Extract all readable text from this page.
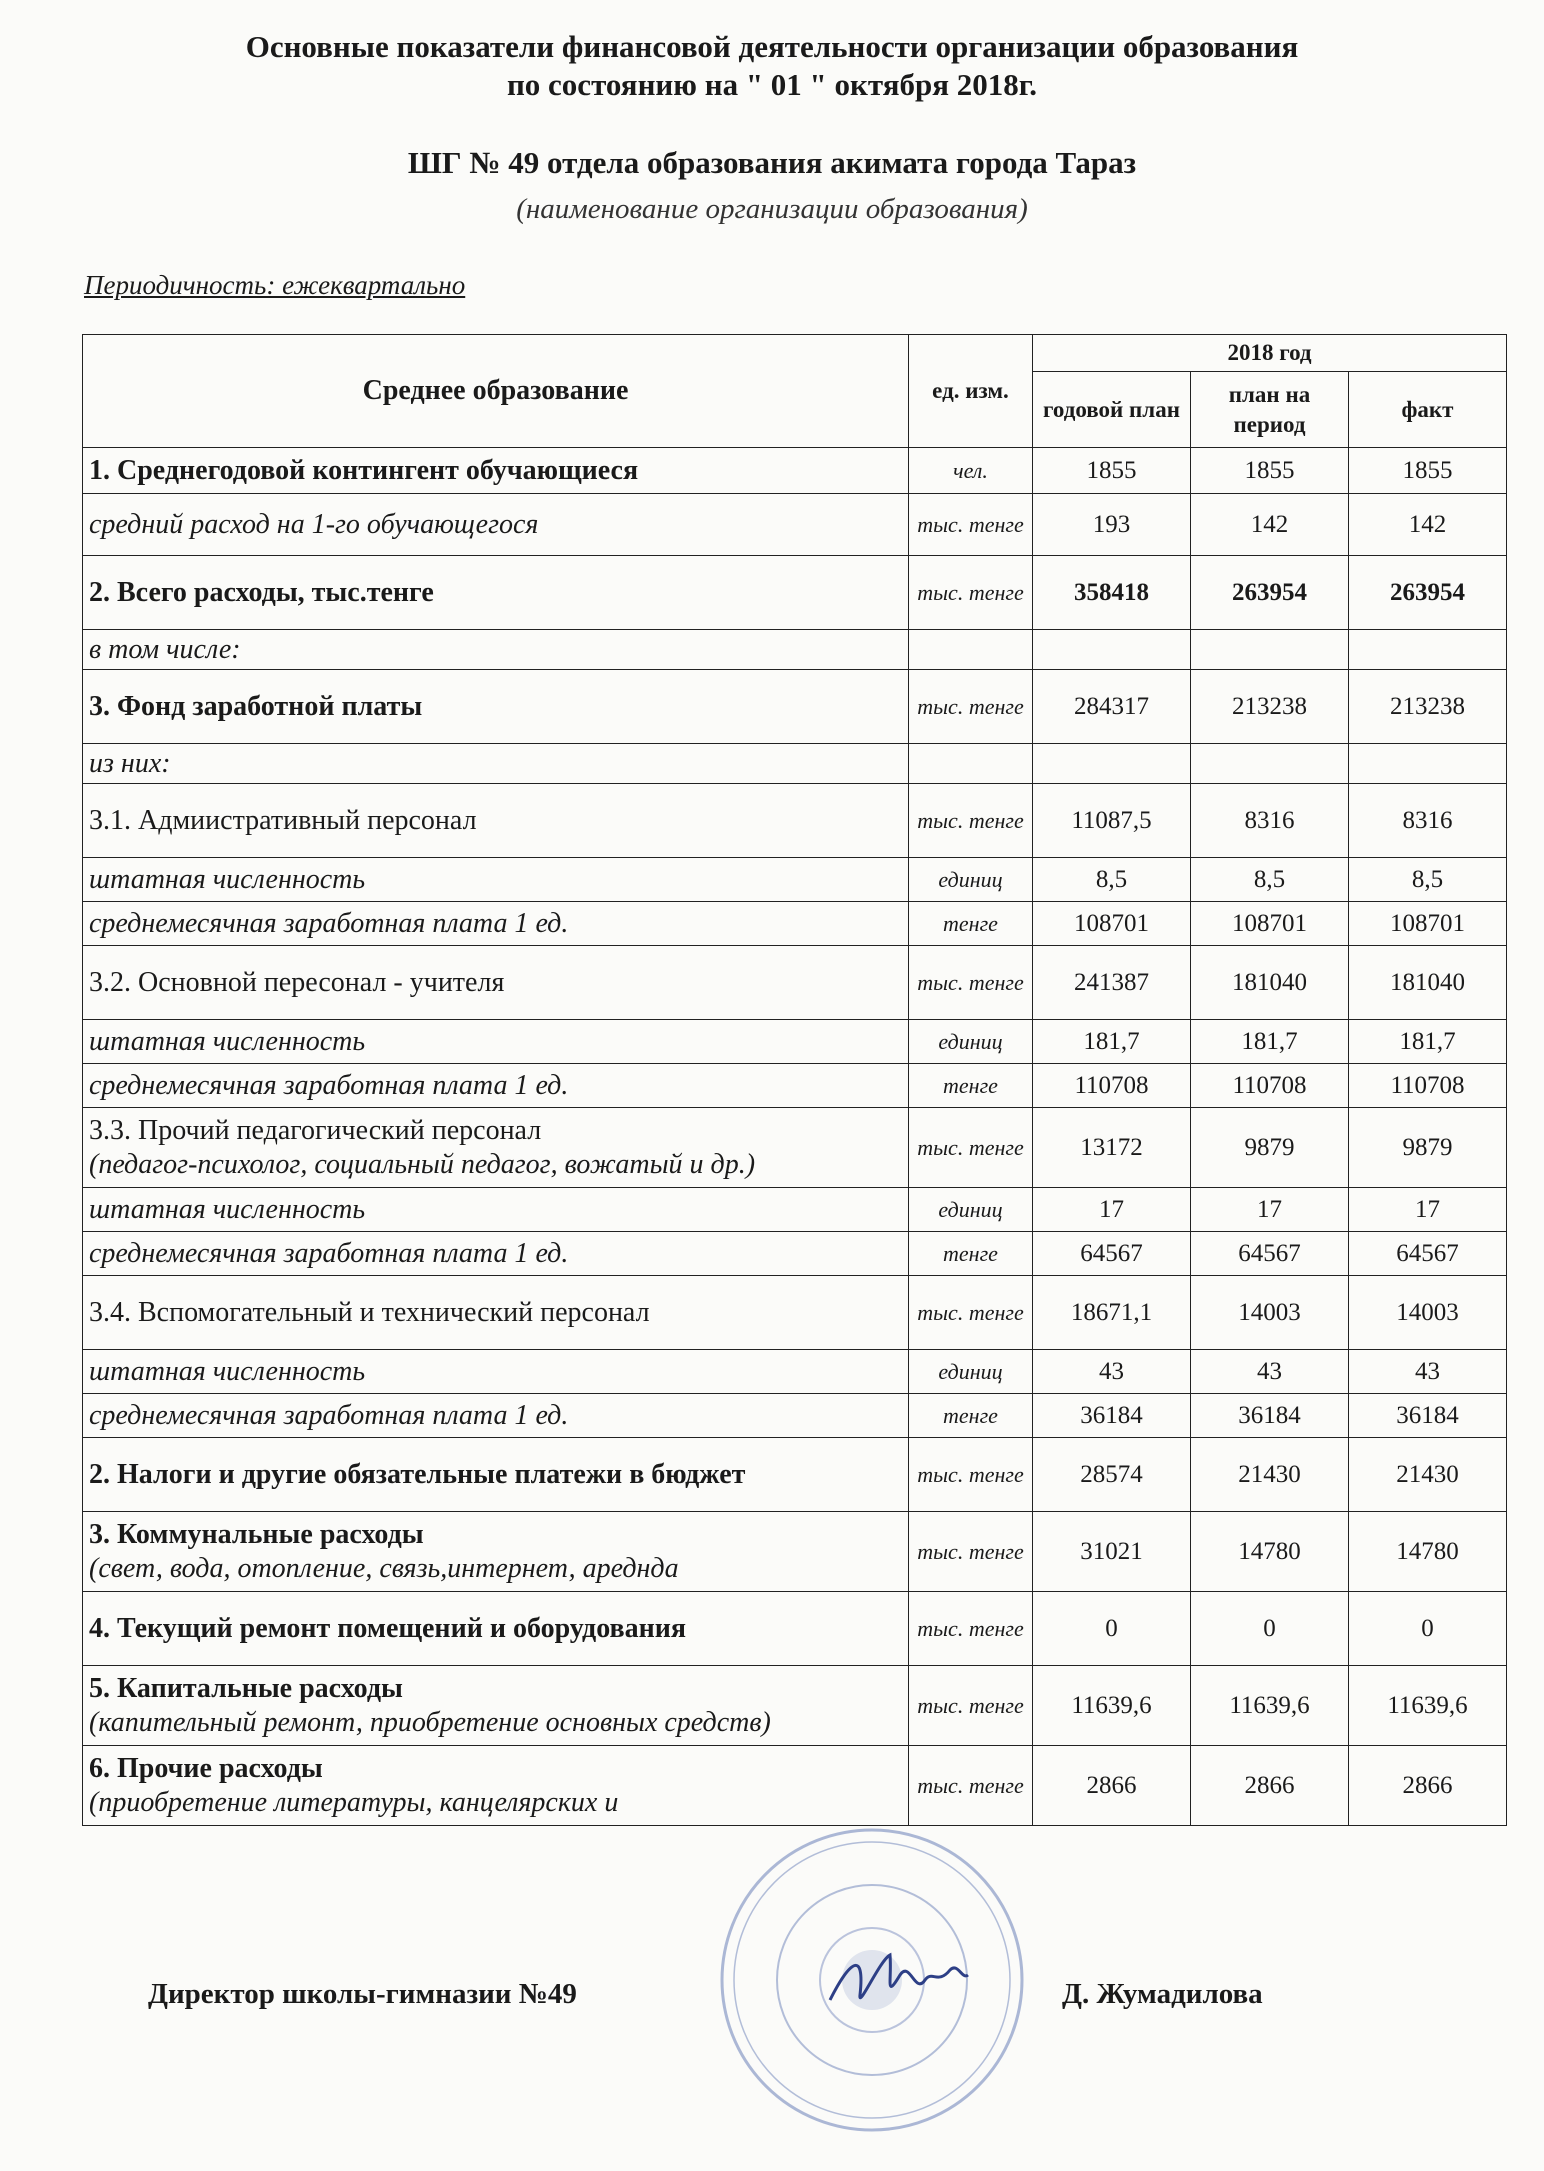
Основные показатели финансовой деятельности организации образования
по состоянию на " 01 " октября 2018г.
ШГ № 49 отдела образования акимата города Тараз
(наименование организации образования)
Периодичность: ежеквартально
Среднее образование	ед. изм.	2018 год		
		годовой план	план на период	факт
1. Среднегодовой контингент обучающиеся	чел.	1855	1855	1855
средний расход на 1-го обучающегося	тыс. тенге	193	142	142
2. Всего расходы, тыс.тенге	тыс. тенге	358418	263954	263954
в том числе:				
3. Фонд заработной платы	тыс. тенге	284317	213238	213238
из них:				
3.1. Адмиистративный персонал	тыс. тенге	11087,5	8316	8316
штатная численность	единиц	8,5	8,5	8,5
среднемесячная заработная плата 1 ед.	тенге	108701	108701	108701
3.2. Основной пересонал - учителя	тыс. тенге	241387	181040	181040
штатная численность	единиц	181,7	181,7	181,7
среднемесячная заработная плата 1 ед.	тенге	110708	110708	110708
3.3. Прочий педагогический персонал
(педагог-психолог, социальный педагог, вожатый и др.)	тыс. тенге	13172	9879	9879
штатная численность	единиц	17	17	17
среднемесячная заработная плата 1 ед.	тенге	64567	64567	64567
3.4. Вспомогательный и технический персонал	тыс. тенге	18671,1	14003	14003
штатная численность	единиц	43	43	43
среднемесячная заработная плата 1 ед.	тенге	36184	36184	36184
2. Налоги и другие обязательные платежи в бюджет	тыс. тенге	28574	21430	21430
3. Коммунальные расходы
(свет, вода, отопление, связь,интернет, аредндa	тыс. тенге	31021	14780	14780
4. Текущий ремонт помещений и оборудования	тыс. тенге	0	0	0
5. Капитальные расходы
(капительный ремонт, приобретение основных средств)	тыс. тенге	11639,6	11639,6	11639,6
6. Прочие расходы
(приобретение литературы, канцелярских и	тыс. тенге	2866	2866	2866
Директор школы-гимназии №49	Д. Жумадилова
